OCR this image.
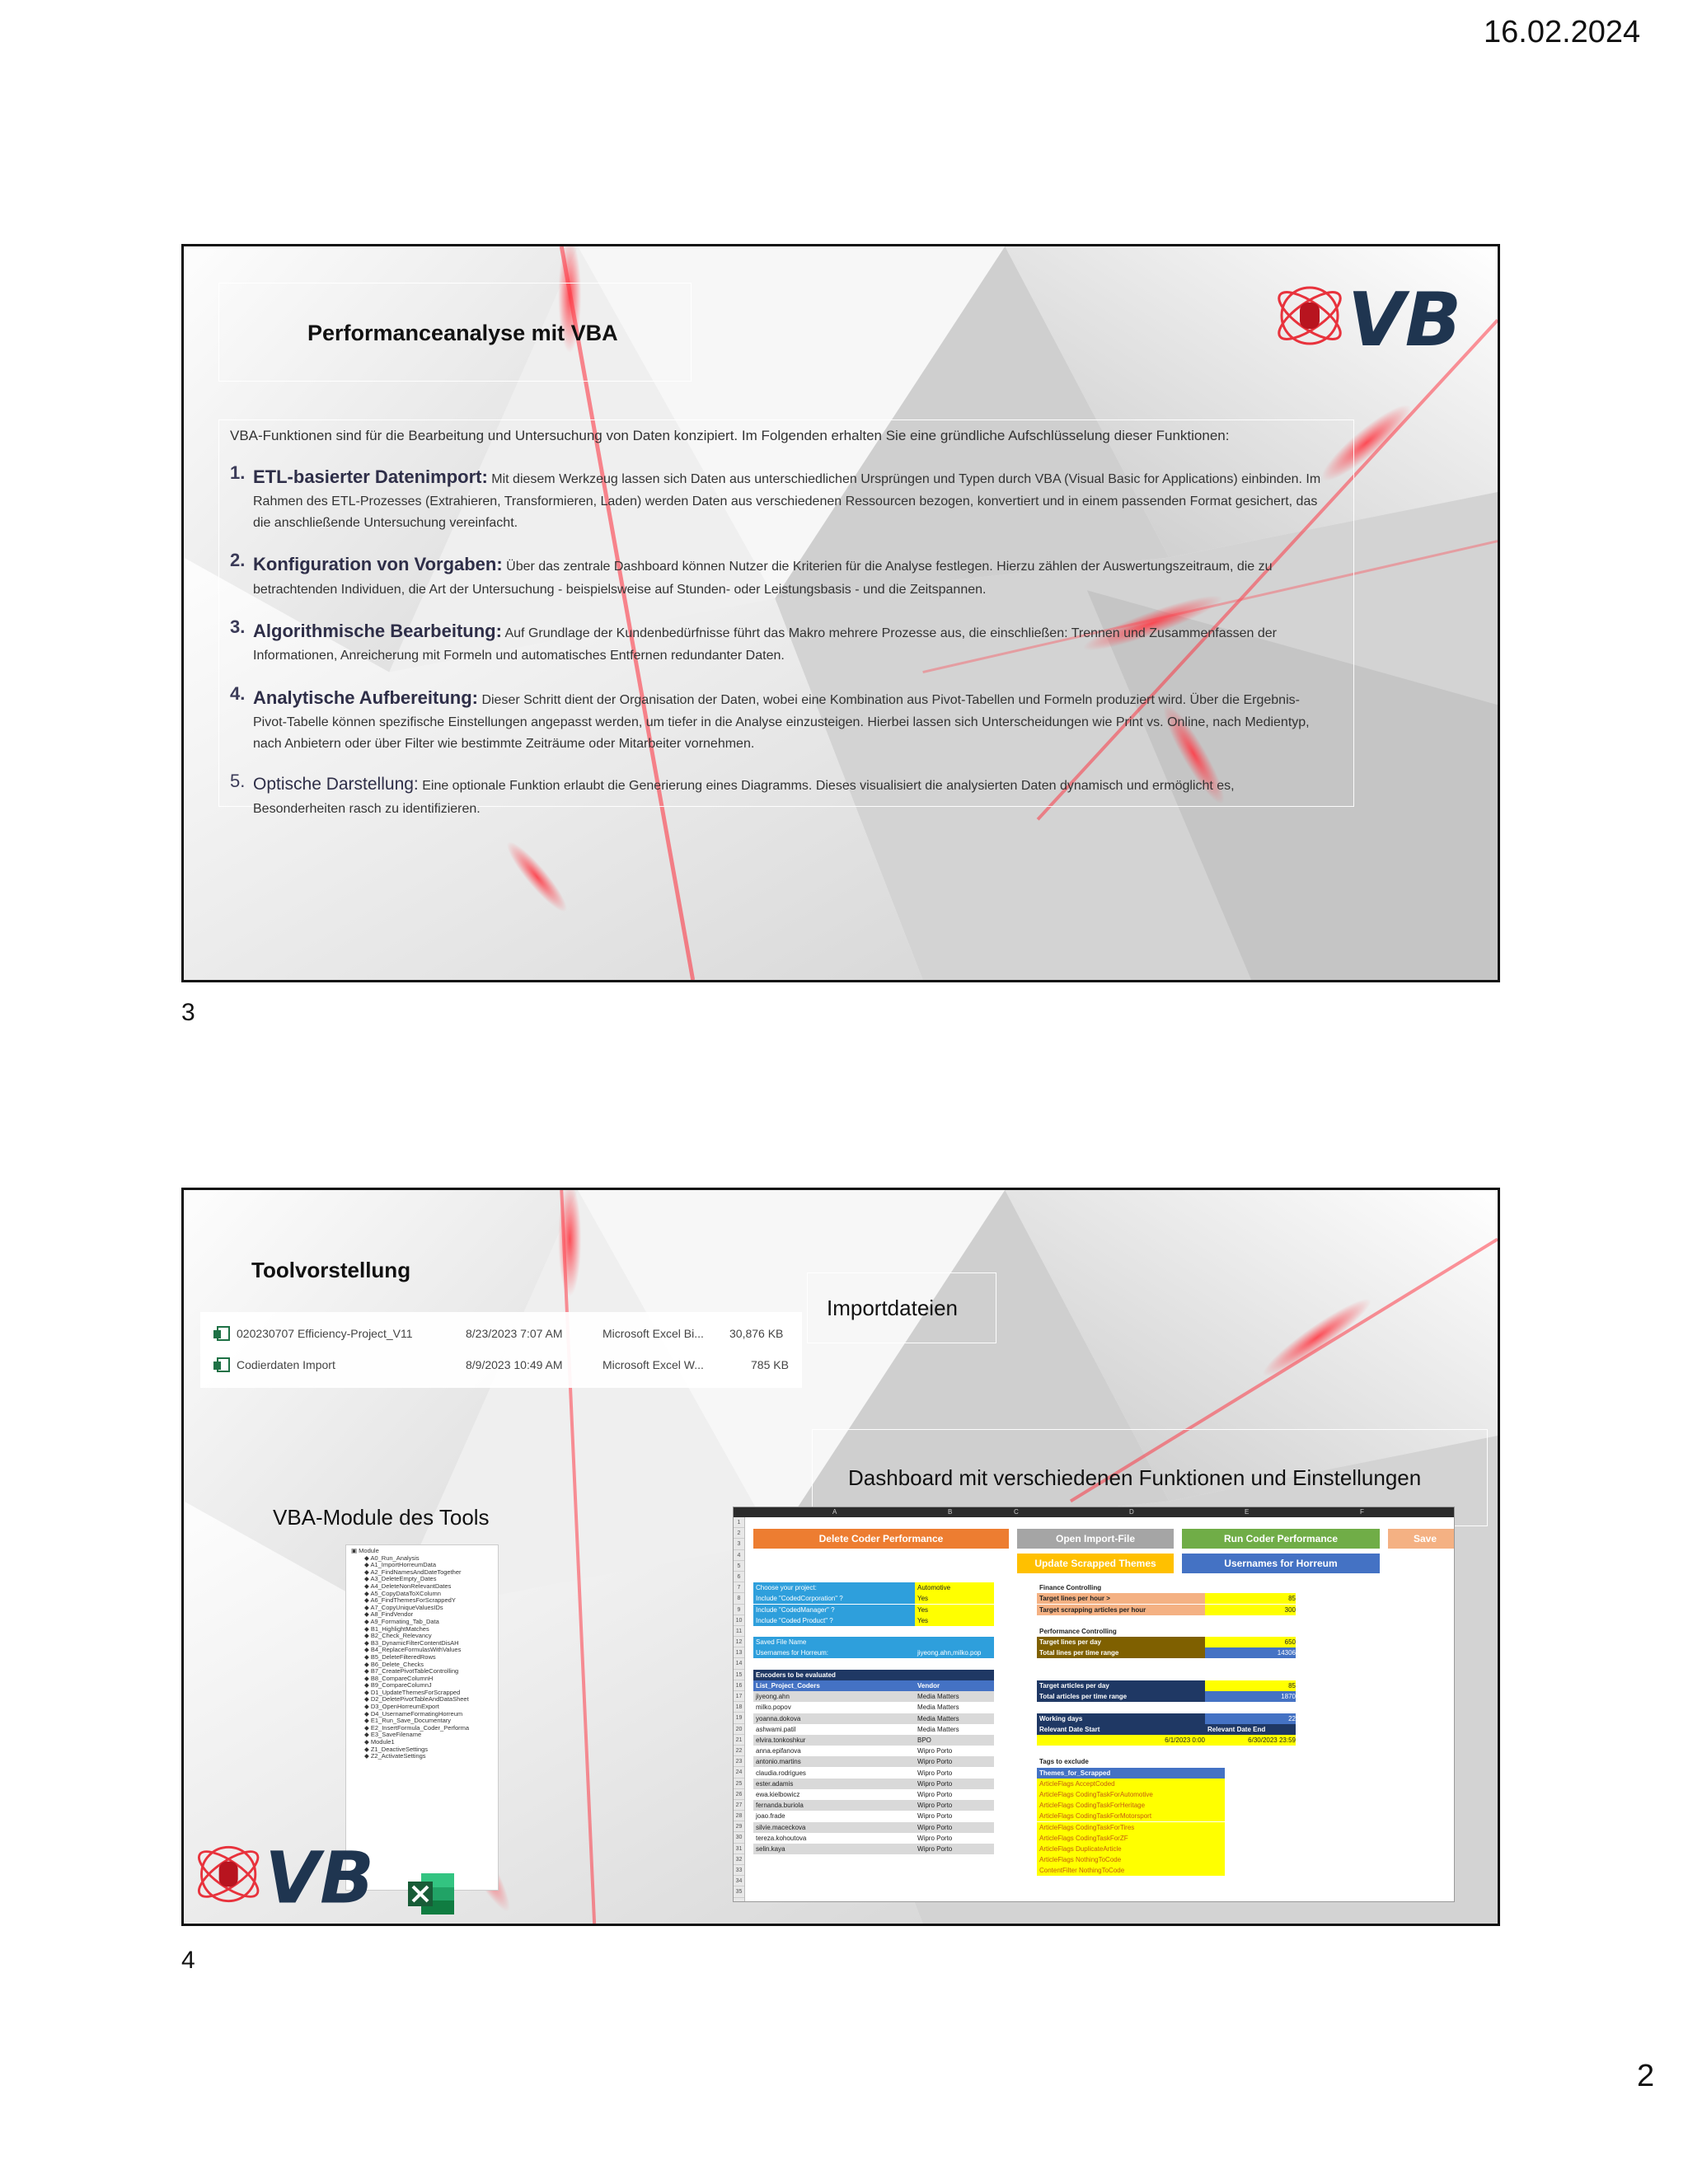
16.02.2024
Performanceanalyse mit VBA	VB
VBA-Funktionen sind für die Bearbeitung und Untersuchung von Daten konzipiert. Im Folgenden erhalten Sie eine gründliche Aufschlüsselung dieser Funktionen:
1. ETL-basierter Datenimport: Mit diesem Werkzeug lassen sich Daten aus unterschiedlichen Ursprüngen und Typen durch VBA (Visual Basic for Applications) einbinden. Im Rahmen des ETL-Prozesses (Extrahieren, Transformieren, Laden) werden Daten aus verschiedenen Ressourcen bezogen, konvertiert und in einem passenden Format gesichert, das die anschließende Untersuchung vereinfacht.
2. Konfiguration von Vorgaben: Über das zentrale Dashboard können Nutzer die Kriterien für die Analyse festlegen. Hierzu zählen der Auswertungszeitraum, die zu betrachtenden Individuen, die Art der Untersuchung - beispielsweise auf Stunden- oder Leistungsbasis - und die Zeitspannen.
3. Algorithmische Bearbeitung: Auf Grundlage der Kundenbedürfnisse führt das Makro mehrere Prozesse aus, die einschließen: Trennen und Zusammenfassen der Informationen, Anreicherung mit Formeln und automatisches Entfernen redundanter Daten.
4. Analytische Aufbereitung: Dieser Schritt dient der Organisation der Daten, wobei eine Kombination aus Pivot-Tabellen und Formeln produziert wird. Über die Ergebnis-Pivot-Tabelle können spezifische Einstellungen angepasst werden, um tiefer in die Analyse einzusteigen. Hierbei lassen sich Unterscheidungen wie Print vs. Online, nach Medientyp, nach Anbietern oder über Filter wie bestimmte Zeiträume oder Mitarbeiter vornehmen.
5. Optische Darstellung: Eine optionale Funktion erlaubt die Generierung eines Diagramms. Dieses visualisiert die analysierten Daten dynamisch und ermöglicht es, Besonderheiten rasch zu identifizieren.
3
Toolvorstellung
020230707 Efficiency-Project_V11	8/23/2023 7:07 AM	Microsoft Excel Bi... 30,876 KB
Codierdaten Import	8/9/2023 10:49 AM	Microsoft Excel W...	785 KB
Importdateien
Dashboard mit verschiedenen Funktionen und Einstellungen
VBA-Module des Tools
▣ Module
◆ A0_Run_Analysis
◆ A1_ImportHorreumData
◆ A2_FindNamesAndDateTogether
◆ A3_DeleteEmpty_Dates
◆ A4_DeleteNonRelevantDates
◆ A5_CopyDataToXColumn
◆ A6_FindThemesForScrappedY
◆ A7_CopyUniqueValuesIDs
◆ A8_FindVendor
◆ A9_Formating_Tab_Data
◆ B1_HighlightMatches
◆ B2_Check_Relevancy
◆ B3_DynamicFilterContentDisAH
◆ B4_ReplaceFormulasWithValues
◆ B5_DeleteFilteredRows
◆ B6_Delete_Checks
◆ B7_CreatePivotTableControlling
◆ B8_CompareColumnH
◆ B9_CompareColumnJ
◆ D1_UpdateThemesForScrapped
◆ D2_DeletePivotTableAndDataSheet
◆ D3_OpenHorreumExport
◆ D4_UsernameFormatingHorreum
◆ E1_Run_Save_Documentary
◆ E2_InsertFormula_Coder_Performa
◆ E3_SaveFilename
◆ Module1
◆ Z1_DeactiveSettings
◆ Z2_ActivateSettings
VB
A	B	C	D	E	F
1
2
3
4
5
6
7
8
9
10
11
12
13
14
15
16
17
18
19
20
21
22
23
24
25
26
27
28
29
30
31
32
33
34
35
Delete Coder Performance	Open Import-File	Run Coder Performance	Save
Update Scrapped Themes	Usernames for Horreum
Choose your project:	Automotive
Include "CodedCorporation" ?	Yes
Include "CodedManager" ?	Yes
Include "Coded Product" ?	Yes
Saved File Name
Usernames for Horreum:	jiyeong.ahn,milko.pop
Encoders to be evaluated
List_Project_Coders	Vendor
jiyeong.ahn	Media Matters
milko.popov	Media Matters
yoanna.dokova	Media Matters
ashwami.patil	Media Matters
elvira.tonkoshkur	BPO
anna.epifanova	Wipro Porto
antonio.martins	Wipro Porto
claudia.rodrigues	Wipro Porto
ester.adamis	Wipro Porto
ewa.kielbowicz	Wipro Porto
fernanda.buriola	Wipro Porto
joao.frade	Wipro Porto
silvie.maceckova	Wipro Porto
tereza.kohoutova	Wipro Porto
selin.kaya	Wipro Porto
Finance Controlling
Target lines per hour >	85
Target scrapping articles per hour	300
Performance Controlling
Target lines per day	650
Total lines per time range	14306
Target articles per day	85
Total articles per time range	1870
Working days	22
Relevant Date Start	Relevant Date End
6/1/2023 0:00	6/30/2023 23:59
Tags to exclude
Themes_for_Scrapped
ArticleFlags AcceptCoded
ArticleFlags CodingTaskForAutomotive
ArticleFlags CodingTaskForHeritage
ArticleFlags CodingTaskForMotorsport
ArticleFlags CodingTaskForTires
ArticleFlags CodingTaskForZF
ArticleFlags DuplicateArticle
ArticleFlags NothingToCode
ContentFilter NothingToCode
4
2
